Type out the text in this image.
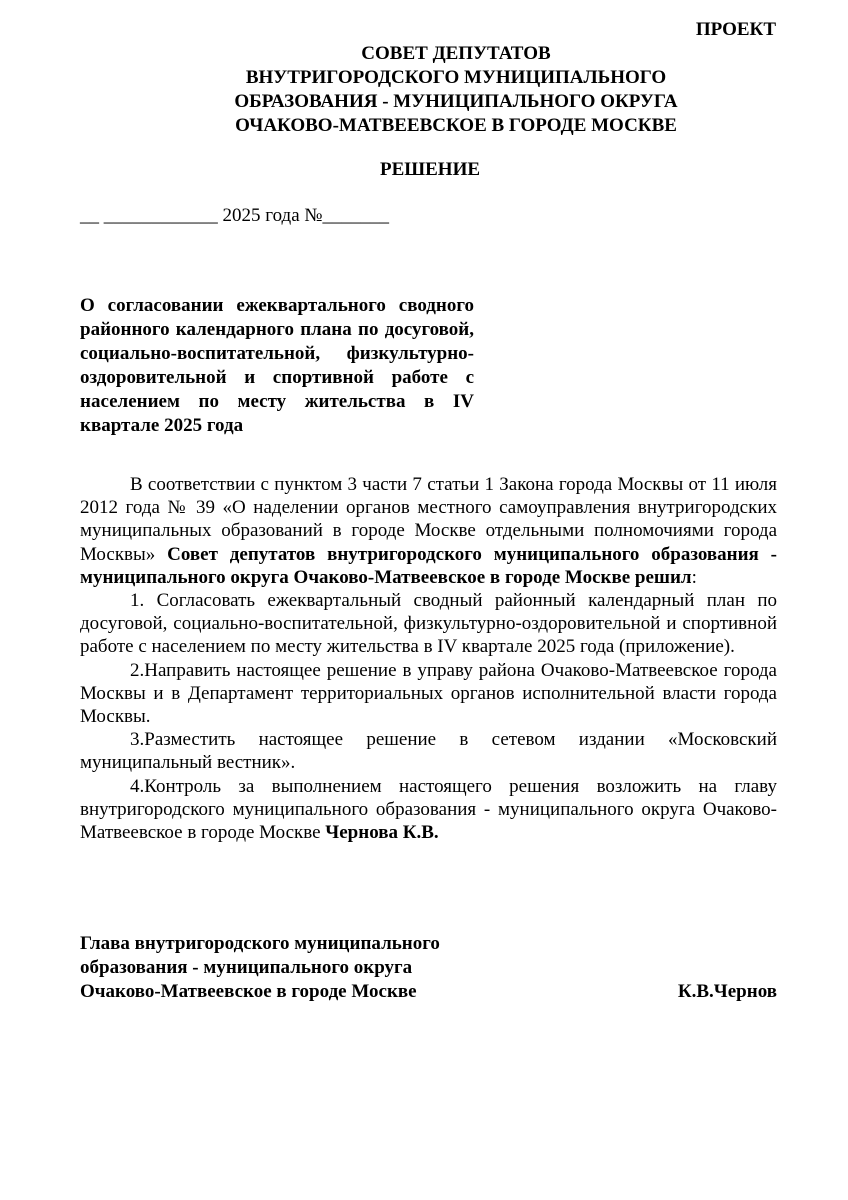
ПРОЕКТ
СОВЕТ ДЕПУТАТОВ
ВНУТРИГОРОДСКОГО МУНИЦИПАЛЬНОГО
ОБРАЗОВАНИЯ - МУНИЦИПАЛЬНОГО ОКРУГА
ОЧАКОВО-МАТВЕЕВСКОЕ В ГОРОДЕ МОСКВЕ
РЕШЕНИЕ
__ ____________ 2025 года №_______

О согласовании ежеквартального сводного районного календарного плана по досуговой, социально-воспитательной, физкультурно-оздоровительной и спортивной работе с населением по месту жительства в IV квартале 2025 года

В соответствии с пунктом 3 части 7 статьи 1 Закона города Москвы от 11 июля 2012 года № 39 «О наделении органов местного самоуправления внутригородских муниципальных образований в городе Москве отдельными полномочиями города Москвы» Совет депутатов внутригородского муниципального образования - муниципального округа Очаково-Матвеевское в городе Москве решил:

1. Согласовать ежеквартальный сводный районный календарный план по досуговой, социально-воспитательной, физкультурно-оздоровительной и спортивной работе с населением по месту жительства в IV квартале 2025 года (приложение).

2.Направить настоящее решение в управу района Очаково-Матвеевское города Москвы и в Департамент территориальных органов исполнительной власти города Москвы.

3.Разместить настоящее решение в сетевом издании «Московский муниципальный вестник».

4.Контроль за выполнением настоящего решения возложить на главу внутригородского муниципального образования - муниципального округа Очаково-Матвеевское в городе Москве Чернова К.В.

Глава внутригородского муниципального
образования - муниципального округа
Очаково-Матвеевское в городе Москве	К.В.Чернов
